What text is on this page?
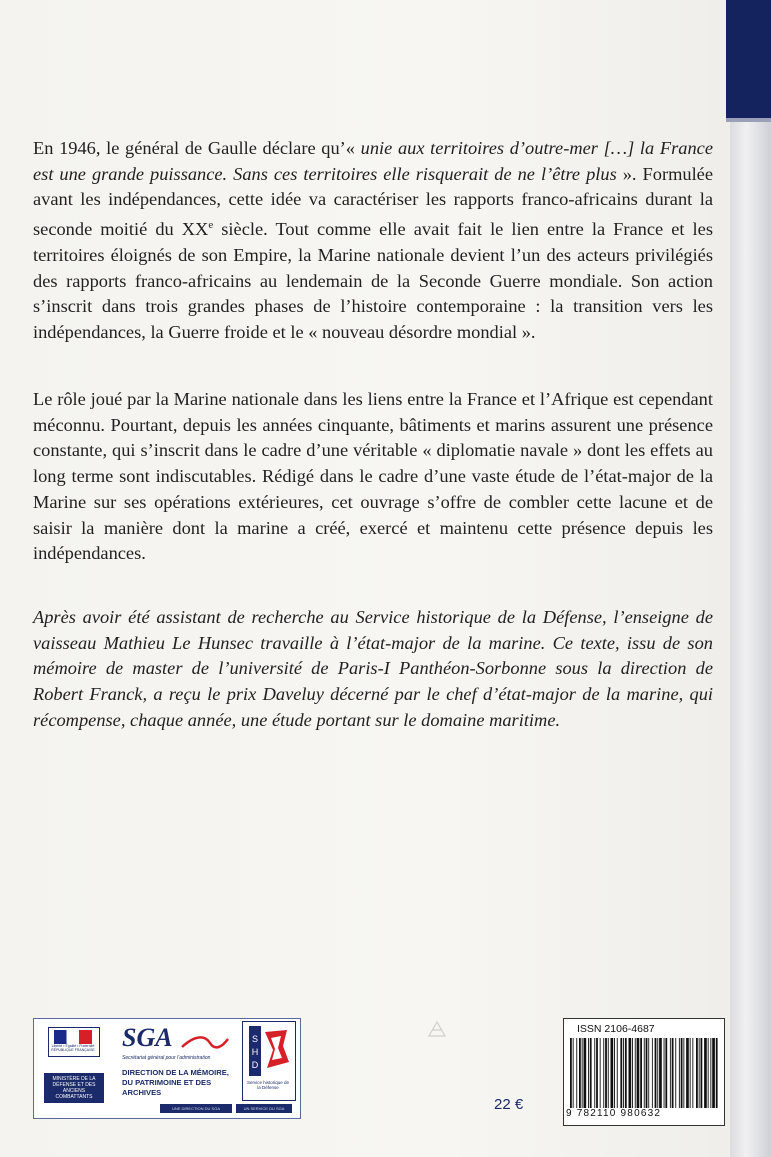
En 1946, le général de Gaulle déclare qu’« unie aux territoires d’outre-mer […] la France est une grande puissance. Sans ces territoires elle risquerait de ne l’être plus ». Formulée avant les indépendances, cette idée va caractériser les rapports franco-africains durant la seconde moitié du XXe siècle. Tout comme elle avait fait le lien entre la France et les territoires éloignés de son Empire, la Marine nationale devient l’un des acteurs privilégiés des rapports franco-africains au lendemain de la Seconde Guerre mondiale. Son action s’inscrit dans trois grandes phases de l’histoire contemporaine : la transition vers les indépendances, la Guerre froide et le « nouveau désordre mondial ».

Le rôle joué par la Marine nationale dans les liens entre la France et l’Afrique est cependant méconnu. Pourtant, depuis les années cinquante, bâtiments et marins assurent une présence constante, qui s’inscrit dans le cadre d’une véritable « diplomatie navale » dont les effets au long terme sont indiscutables. Rédigé dans le cadre d’une vaste étude de l’état-major de la Marine sur ses opérations extérieures, cet ouvrage s’offre de combler cette lacune et de saisir la manière dont la marine a créé, exercé et maintenu cette présence depuis les indépendances.

Après avoir été assistant de recherche au Service historique de la Défense, l’enseigne de vaisseau Mathieu Le Hunsec travaille à l’état-major de la marine. Ce texte, issu de son mémoire de master de l’université de Paris-I Panthéon-Sorbonne sous la direction de Robert Franck, a reçu le prix Daveluy décerné par le chef d’état-major de la marine, qui récompense, chaque année, une étude portant sur le domaine maritime.

Liberté • Égalité • Fraternité
RÉPUBLIQUE FRANÇAISE
MINISTÈRE DE LA DÉFENSE ET DES ANCIENS COMBATTANTS
SGA
Secrétariat général pour l’administration
DIRECTION DE LA MÉMOIRE, DU PATRIMOINE ET DES ARCHIVES
UNE DIRECTION DU SGA	UN SERVICE DU SGA
S
H
D
Service historique de la Défense
22 €
ISSN 2106-4687
9 782110 980632
